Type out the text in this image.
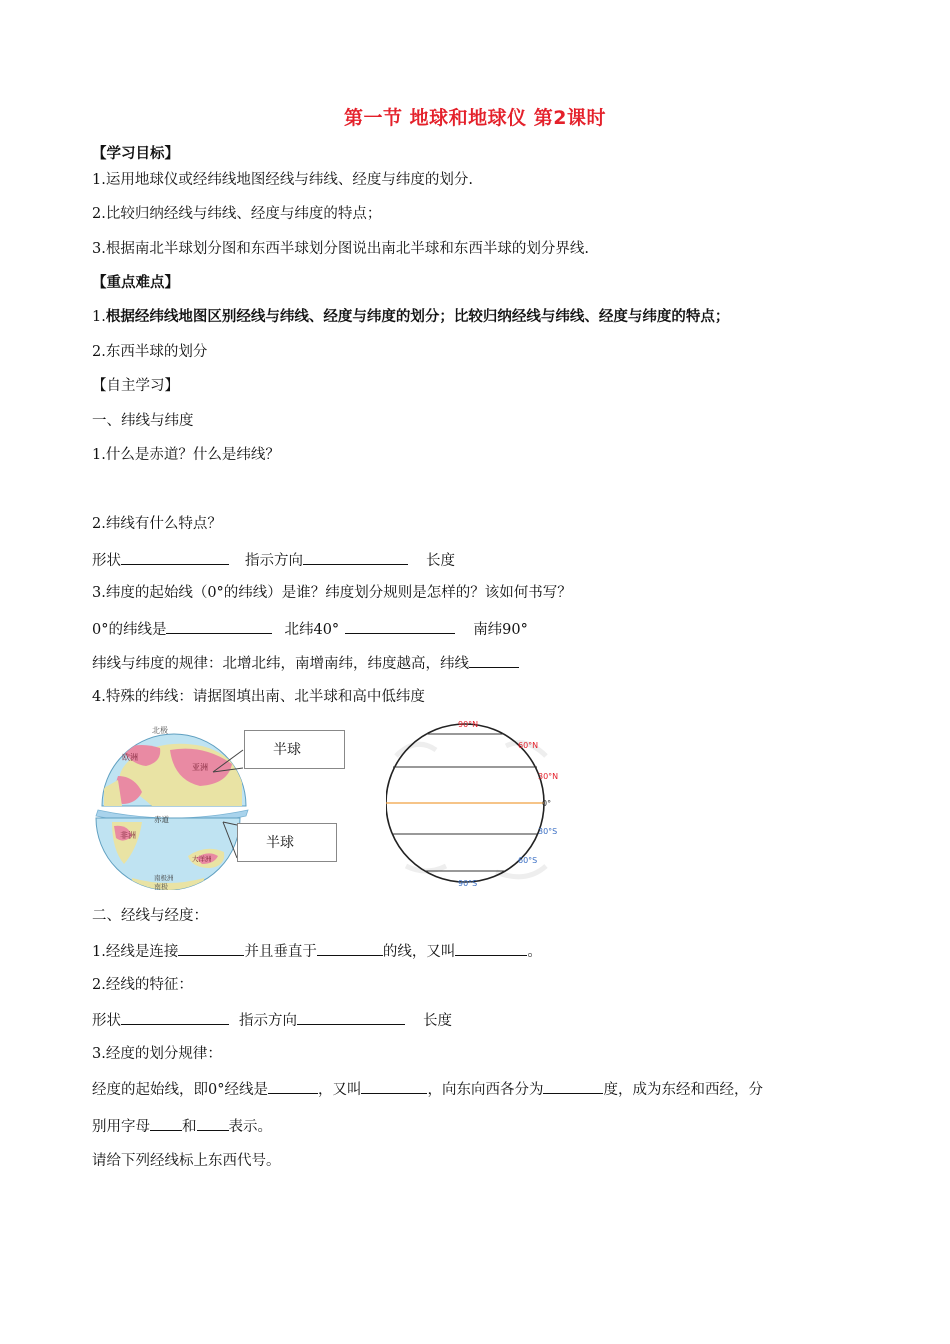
第一节 地球和地球仪 第2课时
【学习目标】
1.运用地球仪或经纬线地图经线与纬线、经度与纬度的划分.
2.比较归纳经线与纬线、经度与纬度的特点；
3.根据南北半球划分图和东西半球划分图说出南北半球和东西半球的划分界线.
【重点难点】
1.根据经纬线地图区别经线与纬线、经度与纬度的划分；比较归纳经线与纬线、经度与纬度的特点；
2.东西半球的划分
【自主学习】
一、纬线与纬度
1.什么是赤道？什么是纬线？
2.纬线有什么特点？
形状	指示方向	长度
3.纬度的起始线（0°的纬线）是谁？纬度划分规则是怎样的？该如何书写？
0°的纬线是	北纬40°	南纬90°
纬线与纬度的规律：北增北纬，南增南纬，纬度越高，纬线
4.特殊的纬线：请据图填出南、北半球和高中低纬度
北极
欧洲
亚洲
非洲
赤道
大洋洲
南极洲
南极
半球
半球
90°N
60°N
30°N
0°
30°S
60°S
90°S
二、经线与经度：
1.经线是连接	并且垂直于	的线，又叫	。
2.经线的特征：
形状	指示方向	长度
3.经度的划分规律：
经度的起始线，即0°经线是	，又叫	，向东向西各分为	度，成为东经和西经，分
别用字母 和 表示。
请给下列经线标上东西代号。
